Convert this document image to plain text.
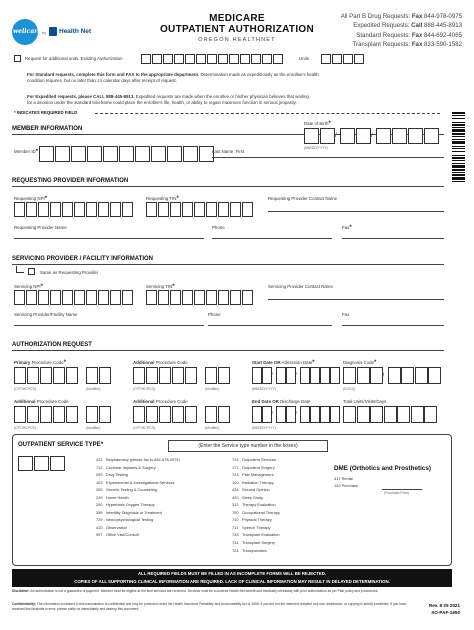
wellcare by Health Net
MEDICARE
OUTPATIENT AUTHORIZATION
OREGON HEALTHNET
All Part B Drug Requests: Fax 844-978-0975
Expedited Requests: Call 888-445-8913
Standard Requests: Fax 844-692-4065
Transplant Requests: Fax 833-590-1582
Request for additional units. Existing Authorization	Units
For Standard requests, complete this form and FAX to the appropriate department. Determination made as expeditiously as the enrollee's health
condition requires, but no later than 14 calendar days after receipt of request.
For Expedited requests, please CALL 888-445-8913. Expedited requests are made when the enrollee or his/her physician believes that waiting
for a decision under the standard timeframe could place the enrollee's life, health, or ability to regain maximum function in serious jeopardy.
* INDICATES REQUIRED FIELD
MEMBER INFORMATION
Date of Birth*
/	/
(MM/DD/YYYY)
Member ID*	Last Name, First
REQUESTING PROVIDER INFORMATION
Requesting NPI*	Requesting TIN*	Requesting Provider Contact Name
Requesting Provider Name	Phone	Fax*
SERVICING PROVIDER / FACILITY INFORMATION
Same as Requesting Provider
Servicing NPI*	Servicing TIN*	Servicing Provider Contact Name
Servicing Provider/Facility Name	Phone	Fax
AUTHORIZATION REQUEST
Primary Procedure Code*
(CPT/HCPCS)	(Modifier)
Additional Procedure Code
(CPT/HCPCS)	(Modifier)
Start Date OR Admission Date*
/	/
(MM/DD/YYYY)
Diagnosis Code*
/
(ICD10)
Additional Procedure Code
(CPT/HCPCS)	(Modifier)
Additional Procedure Code
(CPT/HCPCS)	(Modifier)
End Date OR Discharge Date
/	/
(MM/DD/YYYY)
Total Units/Visits/Days
OUTPATIENT SERVICE TYPE*	(Enter the Service type number in the boxes)
422Biopharmacy (please fax to 844-978-0975)
712Cochlear Implants & Surgery
299Drug Testing
102Experimental & Investigational Services
205Genetic Testing & Counseling
249Home Health
290Hyperbaric Oxygen Therapy
355Infertility Diagnosis or Treatment
729Neuropsychological Testing
410Observation
997Office Visit/Consult
724Outpatient Services
171Outpatient Surgery
723Pain Management
100Radiation Therapy
428Second Opinion
420Sleep Study
312Therapy Evaluation
700Occupational Therapy
710Physical Therapy
711Speech Therapy
733Transplant Evaluation
734Transplant Surgery
724Transportation
DME (Orthotics and Prosthetics)
417 Rental
120 Purchase
(Purchase Price)
ALL REQUIRED FIELDS MUST BE FILLED IN AS INCOMPLETE FORMS WILL BE REJECTED.
COPIES OF ALL SUPPORTING CLINICAL INFORMATION ARE REQUIRED. LACK OF CLINICAL INFORMATION MAY RESULT IN DELAYED DETERMINATION.
Disclaimer: An authorization is not a guarantee of payment. Member must be eligible at the time services are rendered. Services must be a covered Health Net benefit and medically necessary with prior authorization as per Plan policy and procedures.
Confidentiality: The information contained in this transmission is confidential and may be protected under the Health Insurance Portability and Accountability Act of 1996. If you are not the intended recipient any use, distribution, or copying is strictly prohibited. If you have received this facsimile in error, please notify us immediately and destroy this document.
Rev. 8 25 2021
XO-PAF-1650
